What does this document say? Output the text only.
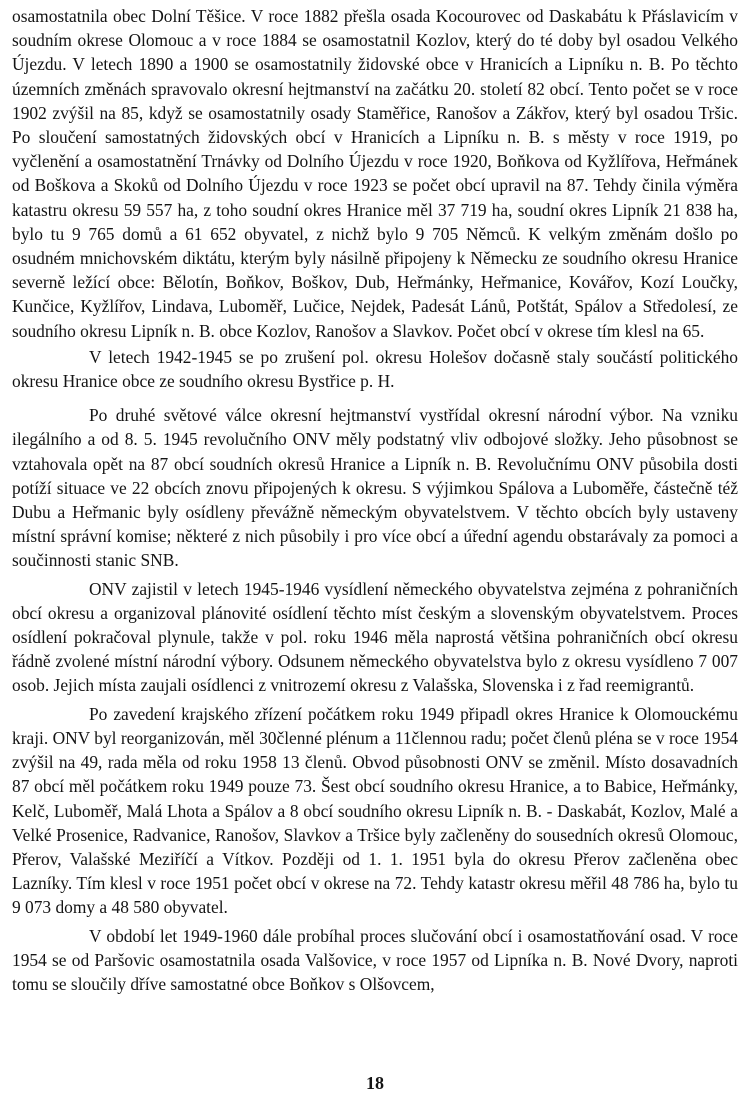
osamostatnila obec Dolní Těšice. V roce 1882 přešla osada Kocourovec od Daskabátu k Přáslavicím v soudním okrese Olomouc a v roce 1884 se osamostatnil Kozlov, který do té doby byl osadou Velkého Újezdu. V letech 1890 a 1900 se osamostatnily židovské obce v Hranicích a Lipníku n. B. Po těchto územních změnách spravovalo okresní hejtmanství na začátku 20. století 82 obcí. Tento počet se v roce 1902 zvýšil na 85, když se osamostatnily osady Staměřice, Ranošov a Zákřov, který byl osadou Tršic. Po sloučení samostatných židovských obcí v Hranicích a Lipníku n. B. s městy v roce 1919, po vyčlenění a osamostatnění Trnávky od Dolního Újezdu v roce 1920, Boňkova od Kyžlířova, Heřmánek od Boškova a Skoků od Dolního Újezdu v roce 1923 se počet obcí upravil na 87. Tehdy činila výměra katastru okresu 59 557 ha, z toho soudní okres Hranice měl 37 719 ha, soudní okres Lipník 21 838 ha, bylo tu 9 765 domů a 61 652 obyvatel, z nichž bylo 9 705 Němců. K velkým změnám došlo po osudném mnichovském diktátu, kterým byly násilně připojeny k Německu ze soudního okresu Hranice severně ležící obce: Bělotín, Boňkov, Boškov, Dub, Heřmánky, Heřmanice, Kovářov, Kozí Loučky, Kunčice, Kyžlířov, Lindava, Luboměř, Lučice, Nejdek, Padesát Lánů, Potštát, Spálov a Středolesí, ze soudního okresu Lipník n. B. obce Kozlov, Ranošov a Slavkov. Počet obcí v okrese tím klesl na 65.

V letech 1942-1945 se po zrušení pol. okresu Holešov dočasně staly součástí politického okresu Hranice obce ze soudního okresu Bystřice p. H.

Po druhé světové válce okresní hejtmanství vystřídal okresní národní výbor. Na vzniku ilegálního a od 8. 5. 1945 revolučního ONV měly podstatný vliv odbojové složky. Jeho působnost se vztahovala opět na 87 obcí soudních okresů Hranice a Lipník n. B. Revolučnímu ONV působila dosti potíží situace ve 22 obcích znovu připojených k okresu. S výjimkou Spálova a Luboměře, částečně též Dubu a Heřmanic byly osídleny převážně německým obyvatelstvem. V těchto obcích byly ustaveny místní správní komise; některé z nich působily i pro více obcí a úřední agendu obstarávaly za pomoci a součinnosti stanic SNB.

ONV zajistil v letech 1945-1946 vysídlení německého obyvatelstva zejména z pohraničních obcí okresu a organizoval plánovité osídlení těchto míst českým a slovenským obyvatelstvem. Proces osídlení pokračoval plynule, takže v pol. roku 1946 měla naprostá většina pohraničních obcí okresu řádně zvolené místní národní výbory. Odsunem německého obyvatelstva bylo z okresu vysídleno 7 007 osob. Jejich místa zaujali osídlenci z vnitrozemí okresu z Valašska, Slovenska i z řad reemigrantů.

Po zavedení krajského zřízení počátkem roku 1949 připadl okres Hranice k Olomouckému kraji. ONV byl reorganizován, měl 30členné plénum a 11člennou radu; počet členů pléna se v roce 1954 zvýšil na 49, rada měla od roku 1958 13 členů. Obvod působnosti ONV se změnil. Místo dosavadních 87 obcí měl počátkem roku 1949 pouze 73. Šest obcí soudního okresu Hranice, a to Babice, Heřmánky, Kelč, Luboměř, Malá Lhota a Spálov a 8 obcí soudního okresu Lipník n. B. - Daskabát, Kozlov, Malé a Velké Prosenice, Radvanice, Ranošov, Slavkov a Tršice byly začleněny do sousedních okresů Olomouc, Přerov, Valašské Meziříčí a Vítkov. Později od 1. 1. 1951 byla do okresu Přerov začleněna obec Lazníky. Tím klesl v roce 1951 počet obcí v okrese na 72. Tehdy katastr okresu měřil 48 786 ha, bylo tu 9 073 domy a 48 580 obyvatel.

V období let 1949-1960 dále probíhal proces slučování obcí i osamostatňování osad. V roce 1954 se od Paršovic osamostatnila osada Valšovice, v roce 1957 od Lipníka n. B. Nové Dvory, naproti tomu se sloučily dříve samostatné obce Boňkov s Olšovcem,

18
